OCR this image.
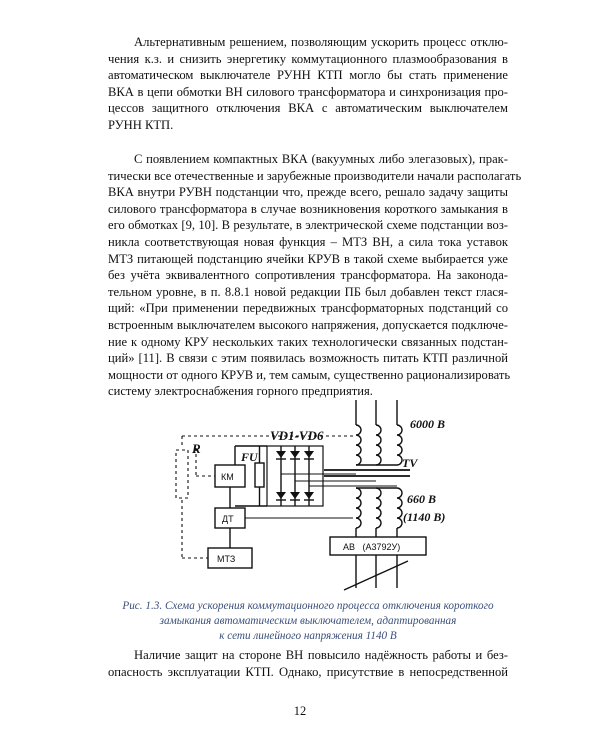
Альтернативным решением, позволяющим ускорить процесс отклю-
чения к.з. и снизить энергетику коммутационного плазмообразования в
автоматическом выключателе РУНН КТП могло бы стать применение
ВКА в цепи обмотки ВН силового трансформатора и синхронизация про-
цессов защитного отключения ВКА с автоматическим выключателем
РУНН КТП.
С появлением компактных ВКА (вакуумных либо элегазовых), прак-
тически все отечественные и зарубежные производители начали располагать
ВКА внутри РУВН подстанции что, прежде всего, решало задачу защиты
силового трансформатора в случае возникновения короткого замыкания в
его обмотках [9, 10]. В результате, в электрической схеме подстанции воз-
никла соответствующая новая функция – МТЗ ВН, а сила тока уставок
МТЗ питающей подстанцию ячейки КРУВ в такой схеме выбирается уже
без учёта эквивалентного сопротивления трансформатора. На законода-
тельном уровне, в п. 8.8.1 новой редакции ПБ был добавлен текст глася-
щий: «При применении передвижных трансформаторных подстанций со
встроенным выключателем высокого напряжения, допускается подключе-
ние к одному КРУ нескольких таких технологически связанных подстан-
ций» [11]. В связи с этим появилась возможность питать КТП различной
мощности от одного КРУВ и, тем самым, существенно рационализировать
систему электроснабжения горного предприятия.
VD1-VD6
6000 В
TV
660 В
(1140 В)
R
FU
КМ
ДТ
МТЗ
АВ   (А3792У)
Рис. 1.3. Схема ускорения коммутационного процесса отключения короткого
замыкания автоматическим выключателем, адаптированная
к сети линейного напряжения 1140 В
Наличие защит на стороне ВН повысило надёжность работы и без-
опасность эксплуатации КТП. Однако, присутствие в непосредственной
12
